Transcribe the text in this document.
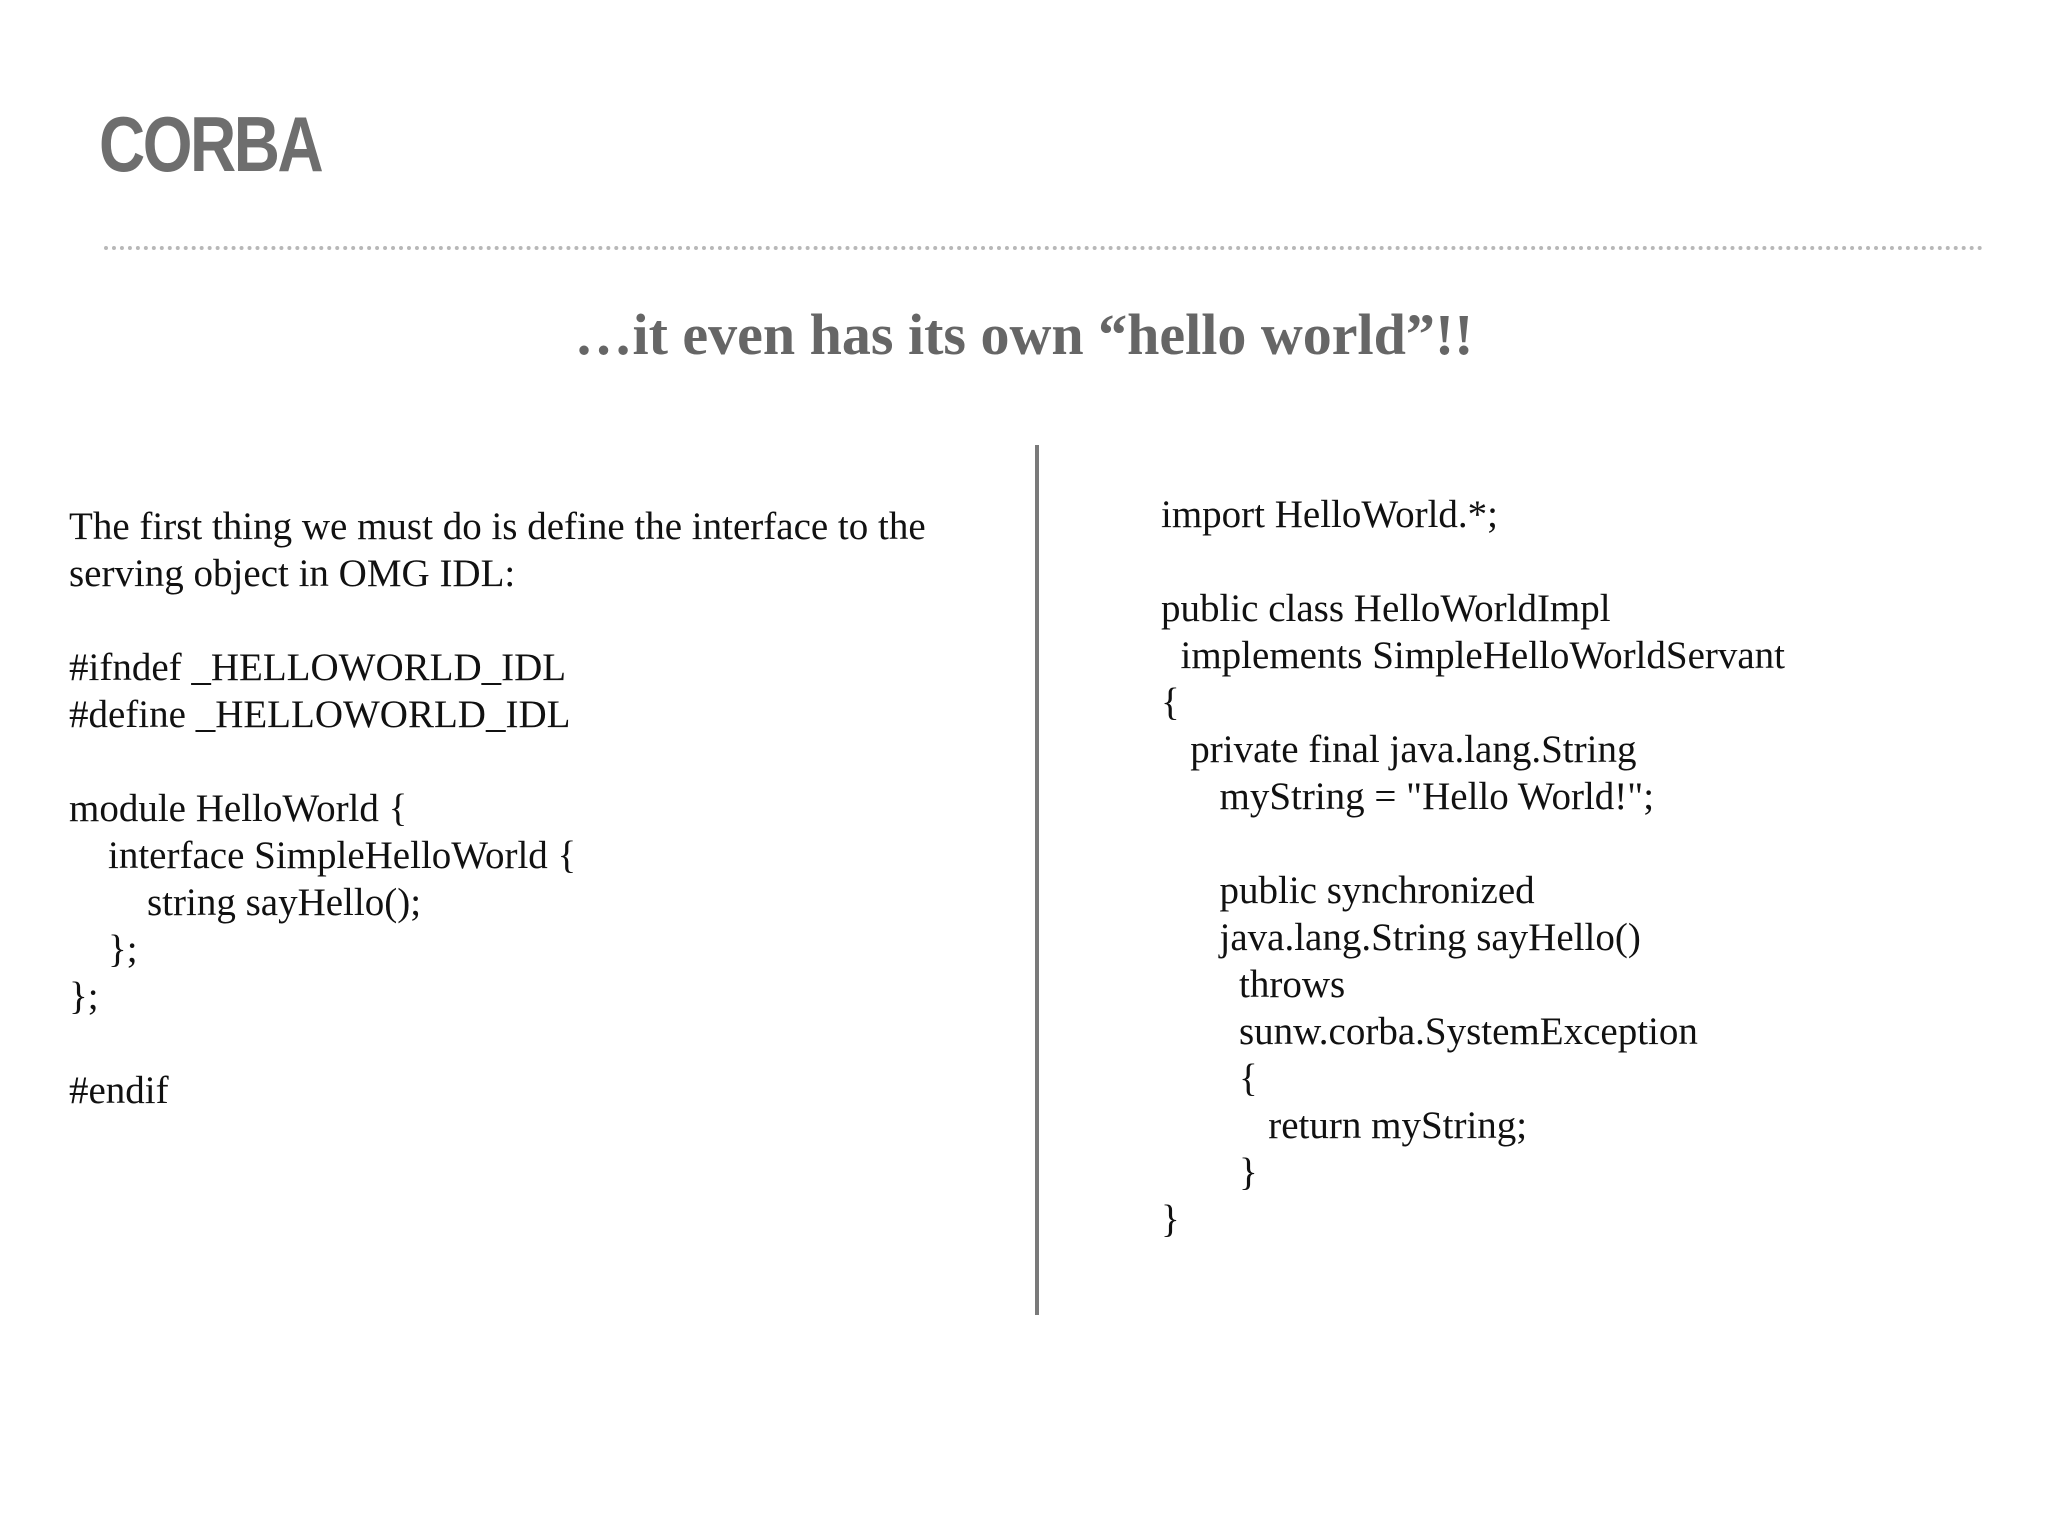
CORBA
…it even has its own “hello world”!!
The first thing we must do is define the interface to the serving object in OMG IDL:
#ifndef _HELLOWORLD_IDL
#define _HELLOWORLD_IDL
module HelloWorld {
interface SimpleHelloWorld {
string sayHello();
};
};
#endif
import HelloWorld.*;
public class HelloWorldImpl
implements SimpleHelloWorldServant
{
private final java.lang.String
myString = "Hello World!";
public synchronized
java.lang.String sayHello()
throws
sunw.corba.SystemException
{
return myString;
}
}
